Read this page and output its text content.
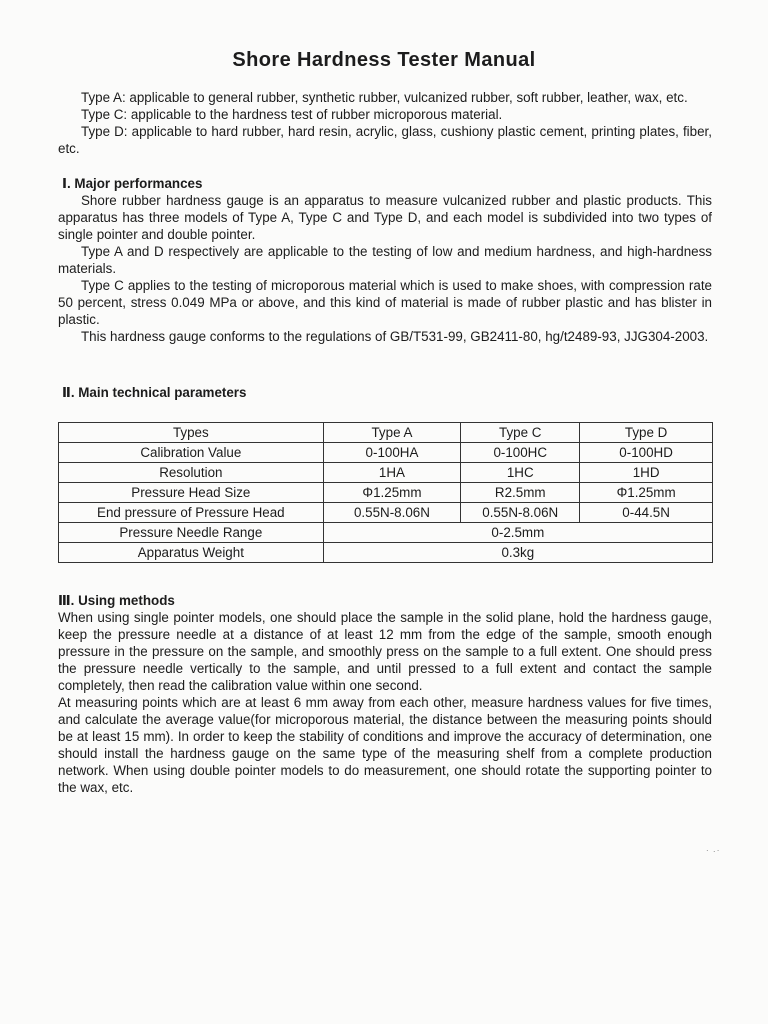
Shore Hardness Tester Manual

Type A: applicable to general rubber, synthetic rubber, vulcanized rubber, soft rubber, leather, wax, etc.

Type C: applicable to the hardness test of rubber microporous material.

Type D: applicable to hard rubber, hard resin, acrylic, glass, cushiony plastic cement, printing plates, fiber, etc.

Ⅰ. Major performances

Shore rubber hardness gauge is an apparatus to measure vulcanized rubber and plastic products. This apparatus has three models of Type A, Type C and Type D, and each model is subdivided into two types of single pointer and double pointer.

Type A and D respectively are applicable to the testing of low and medium hardness, and high-hardness materials.

Type C applies to the testing of microporous material which is used to make shoes, with compression rate 50 percent, stress 0.049 MPa or above, and this kind of material is made of rubber plastic and has blister in plastic.

This hardness gauge conforms to the regulations of GB/T531-99, GB2411-80, hg/t2489-93, JJG304-2003.

Ⅱ. Main technical parameters
Types	Type A	Type C	Type D
Calibration Value	0-100HA	0-100HC	0-100HD
Resolution	1HA	1HC	1HD
Pressure Head Size	Φ1.25mm	R2.5mm	Φ1.25mm
End pressure of Pressure Head	0.55N-8.06N	0.55N-8.06N	0-44.5N
Pressure Needle Range	0-2.5mm		
Apparatus Weight	0.3kg		
Ⅲ. Using methods

When using single pointer models, one should place the sample in the solid plane, hold the hardness gauge, keep the pressure needle at a distance of at least 12 mm from the edge of the sample, smooth enough pressure in the pressure on the sample, and smoothly press on the sample to a full extent. One should press the pressure needle vertically to the sample, and until pressed to a full extent and contact the sample completely, then read the calibration value within one second.

At measuring points which are at least 6 mm away from each other, measure hardness values for five times, and calculate the average value(for microporous material, the distance between the measuring points should be at least 15 mm). In order to keep the stability of conditions and improve the accuracy of determination, one should install the hardness gauge on the same type of the measuring shelf from a complete production network. When using double pointer models to do measurement, one should rotate the supporting pointer to the wax, etc.

ᐧ ·ᐧ
